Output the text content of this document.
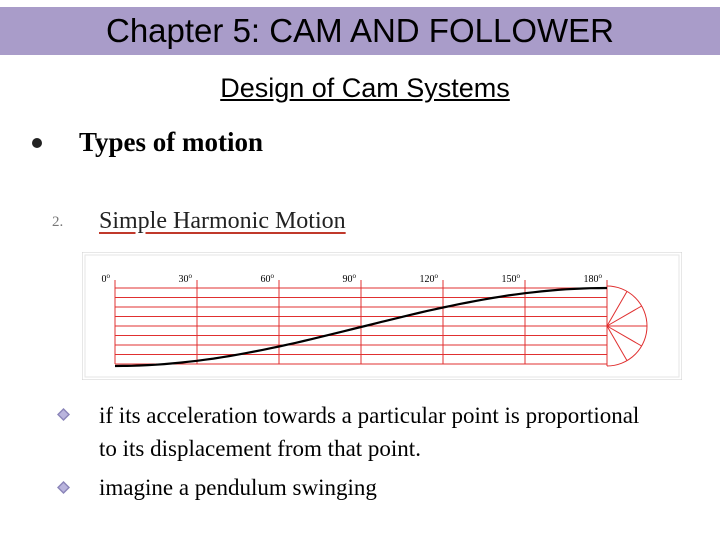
Chapter 5: CAM AND FOLLOWER
Design of Cam Systems
Types of motion
2. Simple Harmonic Motion
0$^o$	30$^o$	60$^o$	90$^o$	120$^o$	150$^o$	180$^o$
if its acceleration towards a particular point is proportional
to its displacement from that point.
imagine a pendulum swinging
